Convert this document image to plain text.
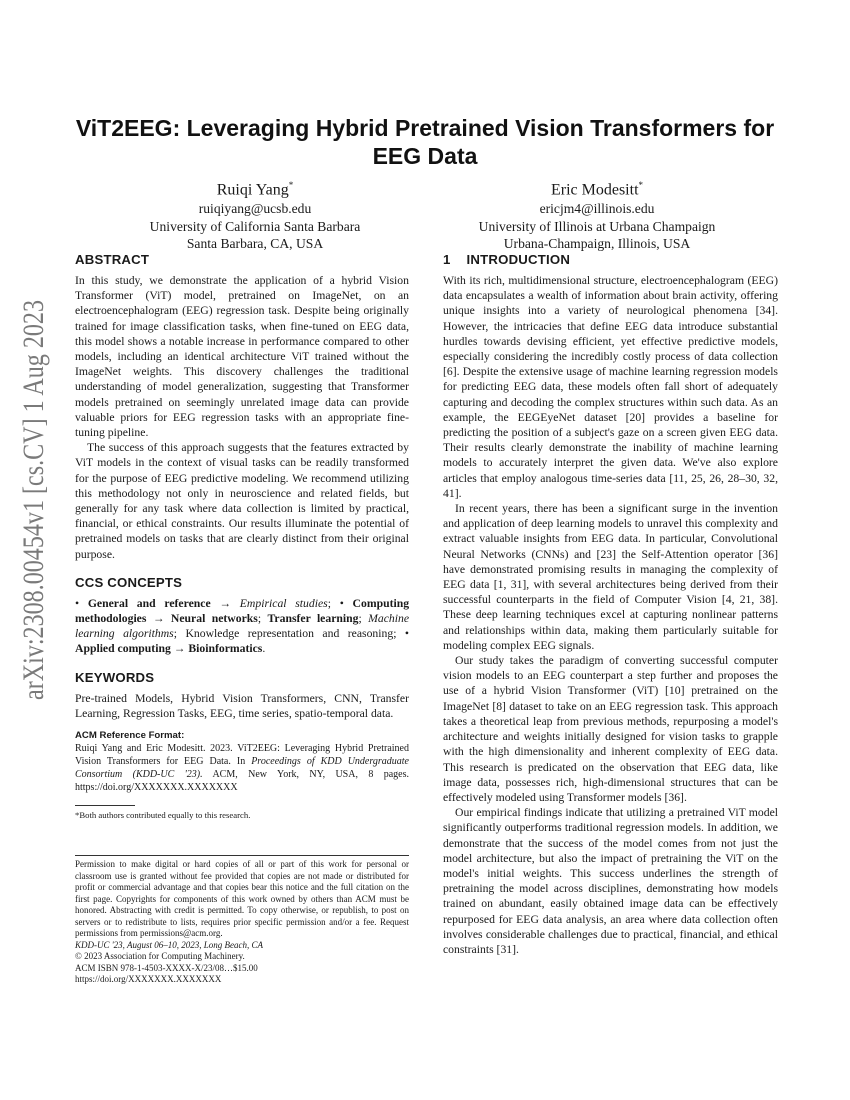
arXiv:2308.00454v1 [cs.CV] 1 Aug 2023
ViT2EEG: Leveraging Hybrid Pretrained Vision Transformers for EEG Data
Ruiqi Yang*
ruiqiyang@ucsb.edu
University of California Santa Barbara
Santa Barbara, CA, USA
Eric Modesitt*
ericjm4@illinois.edu
University of Illinois at Urbana Champaign
Urbana-Champaign, Illinois, USA
ABSTRACT

In this study, we demonstrate the application of a hybrid Vision Transformer (ViT) model, pretrained on ImageNet, on an electroencephalogram (EEG) regression task. Despite being originally trained for image classification tasks, when fine-tuned on EEG data, this model shows a notable increase in performance compared to other models, including an identical architecture ViT trained without the ImageNet weights. This discovery challenges the traditional understanding of model generalization, suggesting that Transformer models pretrained on seemingly unrelated image data can provide valuable priors for EEG regression tasks with an appropriate fine-tuning pipeline.

The success of this approach suggests that the features extracted by ViT models in the context of visual tasks can be readily transformed for the purpose of EEG predictive modeling. We recommend utilizing this methodology not only in neuroscience and related fields, but generally for any task where data collection is limited by practical, financial, or ethical constraints. Our results illuminate the potential of pretrained models on tasks that are clearly distinct from their original purpose.

CCS CONCEPTS

• General and reference → Empirical studies; • Computing methodologies → Neural networks; Transfer learning; Machine learning algorithms; Knowledge representation and reasoning; • Applied computing → Bioinformatics.

KEYWORDS

Pre-trained Models, Hybrid Vision Transformers, CNN, Transfer Learning, Regression Tasks, EEG, time series, spatio-temporal data.

ACM Reference Format:
Ruiqi Yang and Eric Modesitt. 2023. ViT2EEG: Leveraging Hybrid Pretrained Vision Transformers for EEG Data. In Proceedings of KDD Undergraduate Consortium (KDD-UC '23). ACM, New York, NY, USA, 8 pages. https://doi.org/XXXXXXX.XXXXXXX
*Both authors contributed equally to this research.
Permission to make digital or hard copies of all or part of this work for personal or classroom use is granted without fee provided that copies are not made or distributed for profit or commercial advantage and that copies bear this notice and the full citation on the first page. Copyrights for components of this work owned by others than ACM must be honored. Abstracting with credit is permitted. To copy otherwise, or republish, to post on servers or to redistribute to lists, requires prior specific permission and/or a fee. Request permissions from permissions@acm.org.
KDD-UC '23, August 06–10, 2023, Long Beach, CA
© 2023 Association for Computing Machinery.
ACM ISBN 978-1-4503-XXXX-X/23/08…$15.00
https://doi.org/XXXXXXX.XXXXXXX
1 INTRODUCTION

With its rich, multidimensional structure, electroencephalogram (EEG) data encapsulates a wealth of information about brain activity, offering unique insights into a variety of neurological phenomena [34]. However, the intricacies that define EEG data introduce substantial hurdles towards devising efficient, yet effective predictive models, especially considering the incredibly costly process of data collection [6]. Despite the extensive usage of machine learning regression models for predicting EEG data, these models often fall short of adequately capturing and decoding the complex structures within such data. As an example, the EEGEyeNet dataset [20] provides a baseline for predicting the position of a subject's gaze on a screen given EEG data. Their results clearly demonstrate the inability of machine learning models to accurately interpret the given data. We've also explore articles that employ analogous time-series data [11, 25, 26, 28–30, 32, 41].

In recent years, there has been a significant surge in the invention and application of deep learning models to unravel this complexity and extract valuable insights from EEG data. In particular, Convolutional Neural Networks (CNNs) and [23] the Self-Attention operator [36] have demonstrated promising results in managing the complexity of EEG data [1, 31], with several architectures being derived from their successful counterparts in the field of Computer Vision [4, 21, 38]. These deep learning techniques excel at capturing nonlinear patterns and relationships within data, making them particularly suitable for modeling complex EEG signals.

Our study takes the paradigm of converting successful computer vision models to an EEG counterpart a step further and proposes the use of a hybrid Vision Transformer (ViT) [10] pretrained on the ImageNet [8] dataset to take on an EEG regression task. This approach takes a theoretical leap from previous methods, repurposing a model's architecture and weights initially designed for vision tasks to grapple with the high dimensionality and inherent complexity of EEG data. This research is predicated on the observation that EEG data, like image data, possesses rich, high-dimensional structures that can be effectively modeled using Transformer models [36].

Our empirical findings indicate that utilizing a pretrained ViT model significantly outperforms traditional regression models. In addition, we demonstrate that the success of the model comes from not just the model architecture, but also the impact of pretraining the ViT on the model's initial weights. This success underlines the strength of pretraining the model across disciplines, demonstrating how models trained on abundant, easily obtained image data can be effectively repurposed for EEG data analysis, an area where data collection often involves considerable challenges due to practical, financial, and ethical constraints [31].
